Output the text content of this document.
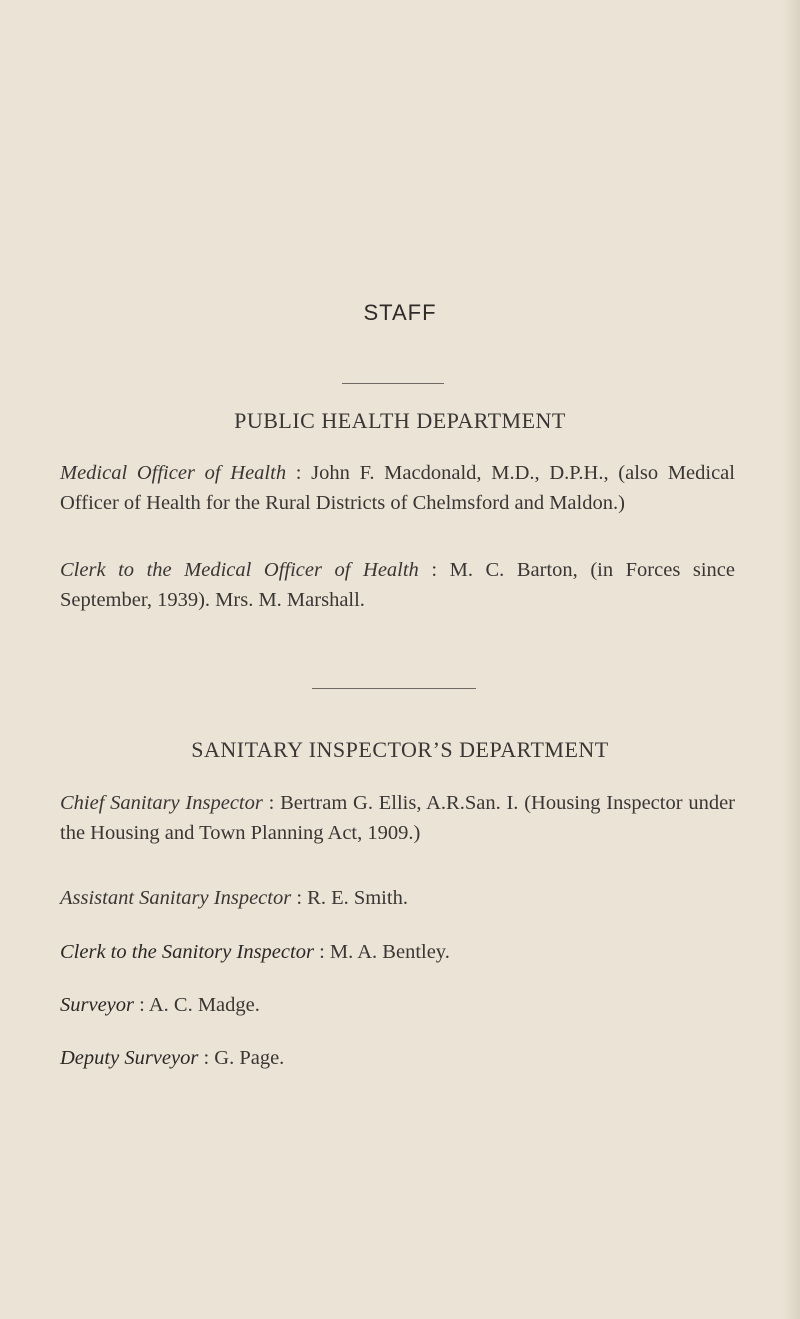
STAFF
PUBLIC HEALTH DEPARTMENT
Medical Officer of Health : John F. Macdonald, M.D., D.P.H., (also Medical Officer of Health for the Rural Districts of Chelmsford and Maldon.)
Clerk to the Medical Officer of Health : M. C. Barton, (in Forces since September, 1939). Mrs. M. Marshall.
SANITARY INSPECTOR’S DEPARTMENT
Chief Sanitary Inspector : Bertram G. Ellis, A.R.San. I. (Housing Inspector under the Housing and Town Planning Act, 1909.)
Assistant Sanitary Inspector : R. E. Smith.
Clerk to the Sanitory Inspector : M. A. Bentley.
Surveyor : A. C. Madge.
Deputy Surveyor : G. Page.
